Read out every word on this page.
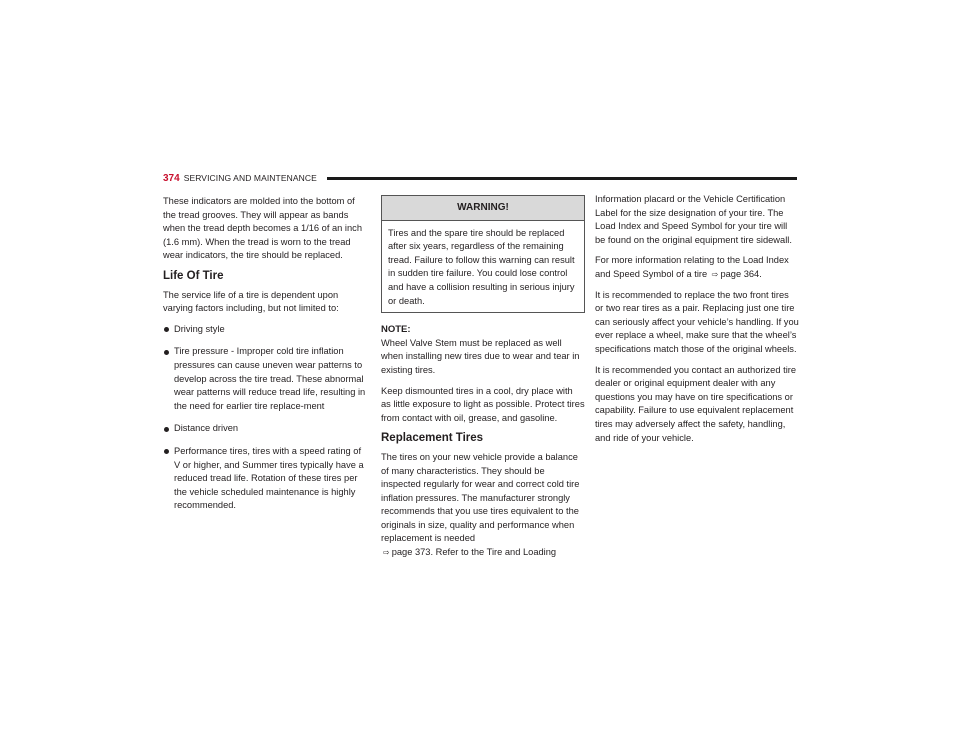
374 SERVICING AND MAINTENANCE

These indicators are molded into the bottom of the tread grooves. They will appear as bands when the tread depth becomes a 1/16 of an inch (1.6 mm). When the tread is worn to the tread wear indicators, the tire should be replaced.

Life Of Tire

The service life of a tire is dependent upon varying factors including, but not limited to:

Driving style
Tire pressure - Improper cold tire inflation pressures can cause uneven wear patterns to develop across the tire tread. These abnormal wear patterns will reduce tread life, resulting in the need for earlier tire replace-ment
Distance driven
Performance tires, tires with a speed rating of V or higher, and Summer tires typically have a reduced tread life. Rotation of these tires per the vehicle scheduled maintenance is highly recommended.
WARNING!
Tires and the spare tire should be replaced after six years, regardless of the remaining tread. Failure to follow this warning can result in sudden tire failure. You could lose control and have a collision resulting in serious injury or death.

NOTE:
Wheel Valve Stem must be replaced as well when installing new tires due to wear and tear in existing tires.

Keep dismounted tires in a cool, dry place with as little exposure to light as possible. Protect tires from contact with oil, grease, and gasoline.

Replacement Tires

The tires on your new vehicle provide a balance of many characteristics. They should be inspected regularly for wear and correct cold tire inflation pressures. The manufacturer strongly recommends that you use tires equivalent to the originals in size, quality and performance when replacement is needed
⇨ page 373. Refer to the Tire and Loading

Information placard or the Vehicle Certification Label for the size designation of your tire. The Load Index and Speed Symbol for your tire will be found on the original equipment tire sidewall.

For more information relating to the Load Index and Speed Symbol of a tire ⇨ page 364.

It is recommended to replace the two front tires or two rear tires as a pair. Replacing just one tire can seriously affect your vehicle’s handling. If you ever replace a wheel, make sure that the wheel’s specifications match those of the original wheels.

It is recommended you contact an authorized tire dealer or original equipment dealer with any questions you may have on tire specifications or capability. Failure to use equivalent replacement tires may adversely affect the safety, handling, and ride of your vehicle.
